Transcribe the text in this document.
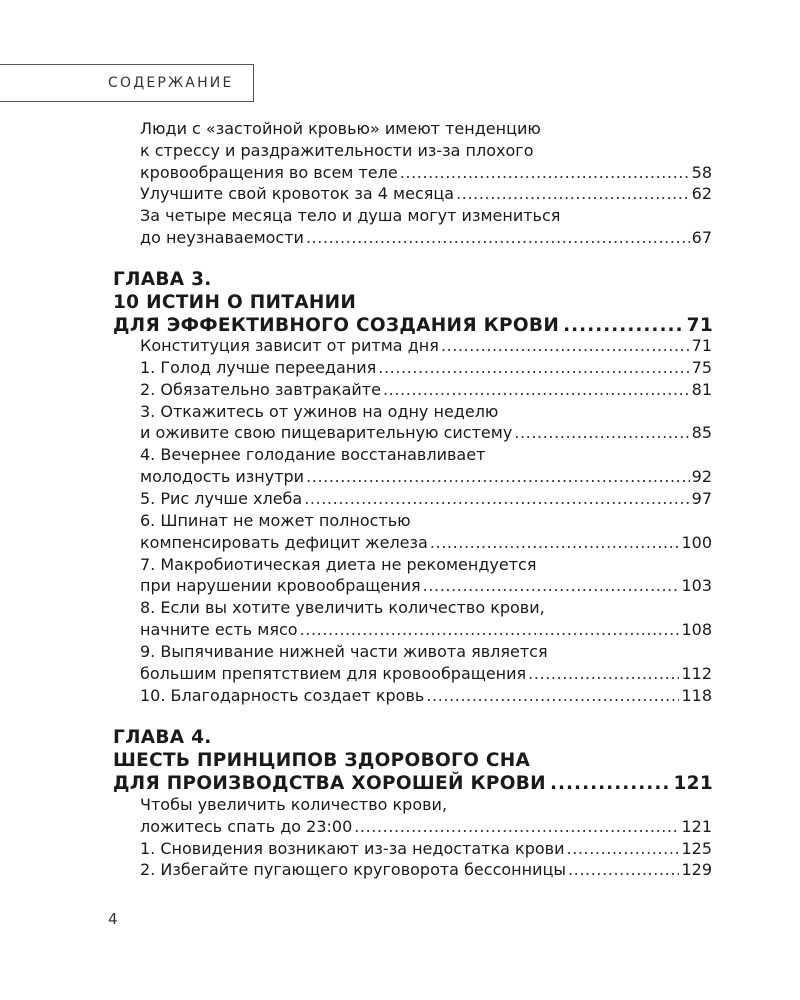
СОДЕРЖАНИЕ
Люди с «застойной кровью» имеют тенденцию
к стрессу и раздражительности из-за плохого
кровообращения во всем теле .....	58
Улучшите свой кровоток за 4 месяца .....	62
За четыре месяца тело и душа могут измениться
до неузнаваемости .....	67
ГЛАВА 3.
10 ИСТИН О ПИТАНИИ
ДЛЯ ЭФФЕКТИВНОГО СОЗДАНИЯ КРОВИ .....	71
Конституция зависит от ритма дня .....	71
1. Голод лучше переедания .....	75
2. Обязательно завтракайте .....	81
3. Откажитесь от ужинов на одну неделю
и оживите свою пищеварительную систему .....	85
4. Вечернее голодание восстанавливает
молодость изнутри .....	92
5. Рис лучше хлеба .....	97
6. Шпинат не может полностью
компенсировать дефицит железа .....	100
7. Макробиотическая диета не рекомендуется
при нарушении кровообращения .....	103
8. Если вы хотите увеличить количество крови,
начните есть мясо .....	108
9. Выпячивание нижней части живота является
большим препятствием для кровообращения .....	112
10. Благодарность создает кровь .....	118
ГЛАВА 4.
ШЕСТЬ ПРИНЦИПОВ ЗДОРОВОГО СНА
ДЛЯ ПРОИЗВОДСТВА ХОРОШЕЙ КРОВИ .....	121
Чтобы увеличить количество крови,
ложитесь спать до 23:00 .....	121
1. Сновидения возникают из-за недостатка крови .....	125
2. Избегайте пугающего круговорота бессонницы .....	129
4
